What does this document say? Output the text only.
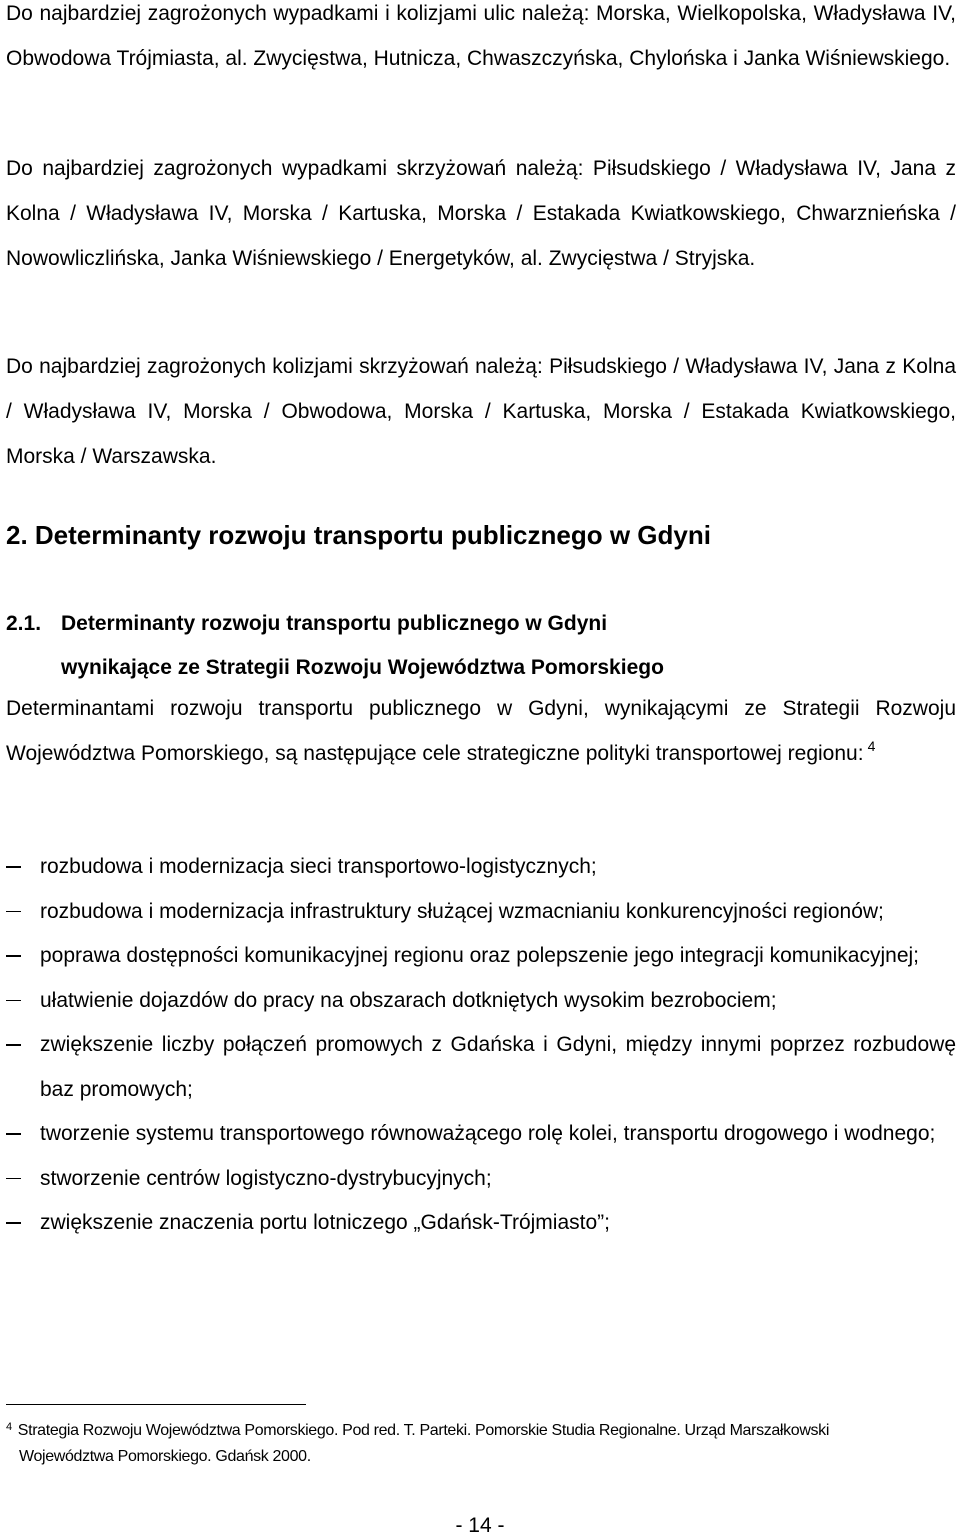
Do najbardziej zagrożonych wypadkami i kolizjami ulic należą: Morska, Wielkopolska, Władysława IV, Obwodowa Trójmiasta, al. Zwycięstwa, Hutnicza, Chwaszczyńska, Chylońska i Janka Wiśniewskiego.

Do najbardziej zagrożonych wypadkami skrzyżowań należą: Piłsudskiego / Władysława IV, Jana z Kolna / Władysława IV, Morska / Kartuska, Morska / Estakada Kwiatkowskiego, Chwarznieńska / Nowowliczlińska, Janka Wiśniewskiego / Energetyków, al. Zwycięstwa / Stryjska.

Do najbardziej zagrożonych kolizjami skrzyżowań należą: Piłsudskiego / Władysława IV, Jana z Kolna / Władysława IV, Morska / Obwodowa, Morska / Kartuska, Morska / Estakada Kwiatkowskiego, Morska / Warszawska.

2. Determinanty rozwoju transportu publicznego w Gdyni
2.1. Determinanty rozwoju transportu publicznego w Gdyni
wynikające ze Strategii Rozwoju Województwa Pomorskiego

Determinantami rozwoju transportu publicznego w Gdyni, wynikającymi ze Strategii Rozwoju Województwa Pomorskiego, są następujące cele strategiczne polityki transportowej regionu: $^4$

rozbudowa i modernizacja sieci transportowo-logistycznych;
rozbudowa i modernizacja infrastruktury służącej wzmacnianiu konkurencyjności regionów;
poprawa dostępności komunikacyjnej regionu oraz polepszenie jego integracji komunikacyjnej;
ułatwienie dojazdów do pracy na obszarach dotkniętych wysokim bezrobociem;
zwiększenie liczby połączeń promowych z Gdańska i Gdyni, między innymi poprzez rozbudowę baz promowych;
tworzenie systemu transportowego równoważącego rolę kolei, transportu drogowego i wodnego;
stworzenie centrów logistyczno-dystrybucyjnych;
zwiększenie znaczenia portu lotniczego „Gdańsk-Trójmiasto”;

$^4$ Strategia Rozwoju Województwa Pomorskiego. Pod red. T. Parteki. Pomorskie Studia Regionalne. Urząd Marszałkowski
Województwa Pomorskiego. Gdańsk 2000.

- 14 -
